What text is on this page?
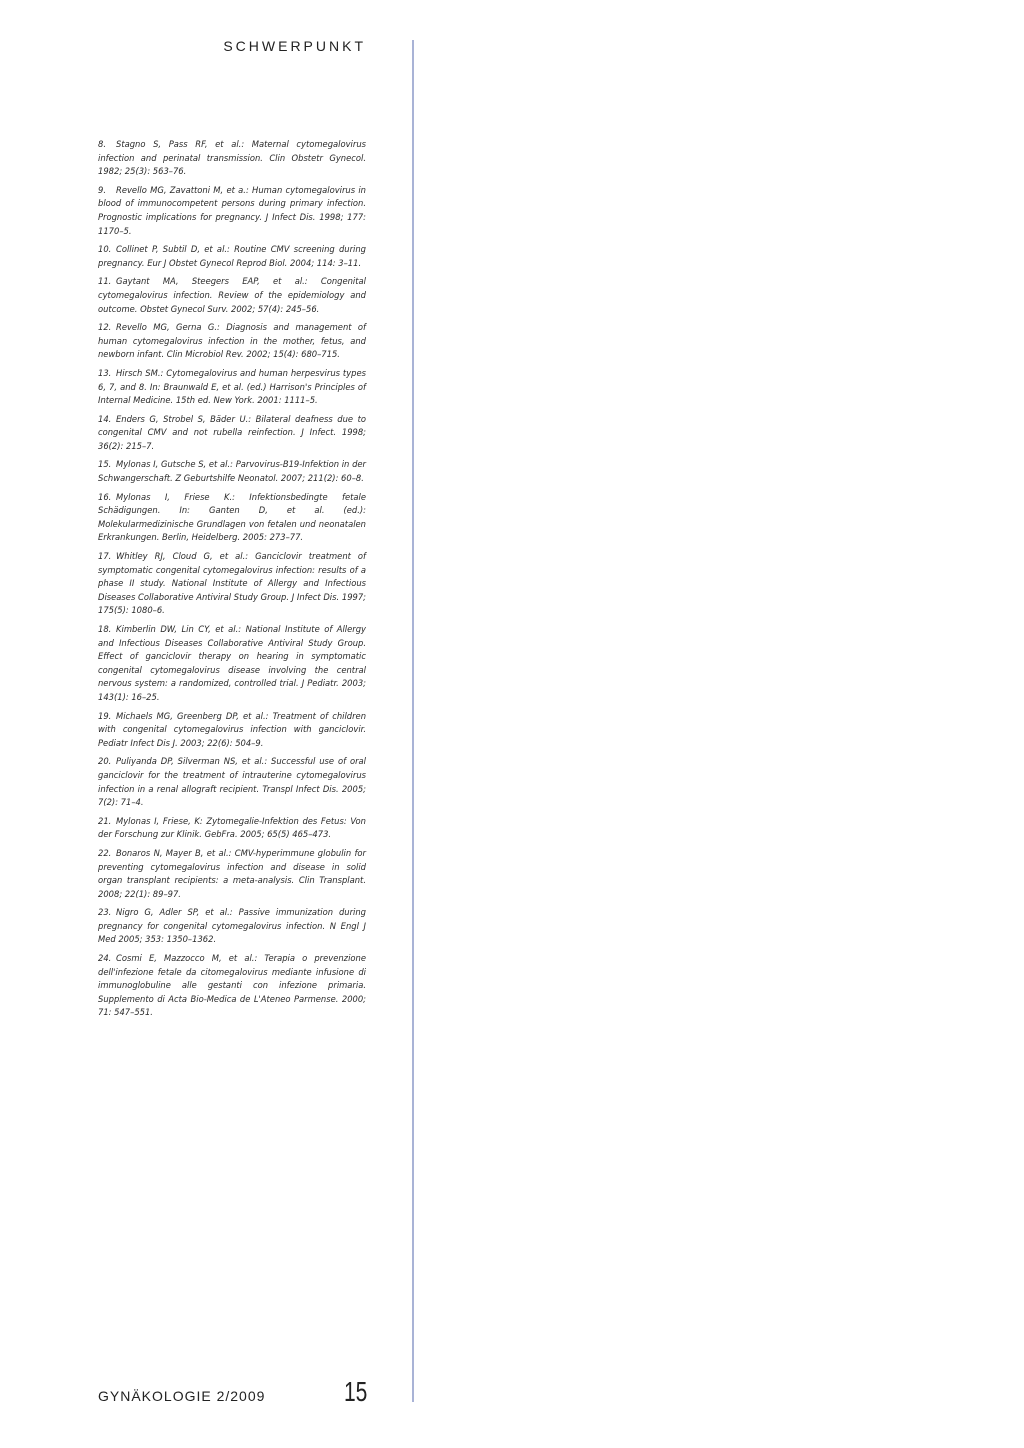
SCHWERPUNKT
8. Stagno S, Pass RF, et al.: Maternal cytomegalovirus infection and perinatal transmission. Clin Obstetr Gynecol. 1982; 25(3): 563–76.
9. Revello MG, Zavattoni M, et a.: Human cytomegalovirus in blood of immunocompetent persons during primary infection. Prognostic implications for pregnancy. J Infect Dis. 1998; 177: 1170–5.
10. Collinet P, Subtil D, et al.: Routine CMV screening during pregnancy. Eur J Obstet Gynecol Reprod Biol. 2004; 114: 3–11.
11. Gaytant MA, Steegers EAP, et al.: Congenital cytomegalovirus infection. Review of the epidemiology and outcome. Obstet Gynecol Surv. 2002; 57(4): 245–56.
12. Revello MG, Gerna G.: Diagnosis and management of human cytomegalovirus infection in the mother, fetus, and newborn infant. Clin Microbiol Rev. 2002; 15(4): 680–715.
13. Hirsch SM.: Cytomegalovirus and human herpesvirus types 6, 7, and 8. In: Braunwald E, et al. (ed.) Harrison's Principles of Internal Medicine. 15th ed. New York. 2001: 1111–5.
14. Enders G, Strobel S, Bäder U.: Bilateral deafness due to congenital CMV and not rubella reinfection. J Infect. 1998; 36(2): 215–7.
15. Mylonas I, Gutsche S, et al.: Parvovirus-B19-Infektion in der Schwangerschaft. Z Geburtshilfe Neonatol. 2007; 211(2): 60–8.
16. Mylonas I, Friese K.: Infektionsbedingte fetale Schädigungen. In: Ganten D, et al. (ed.): Molekularmedizinische Grundlagen von fetalen und neonatalen Erkrankungen. Berlin, Heidelberg. 2005: 273–77.
17. Whitley RJ, Cloud G, et al.: Ganciclovir treatment of symptomatic congenital cytomegalovirus infection: results of a phase II study. National Institute of Allergy and Infectious Diseases Collaborative Antiviral Study Group. J Infect Dis. 1997; 175(5): 1080–6.
18. Kimberlin DW, Lin CY, et al.: National Institute of Allergy and Infectious Diseases Collaborative Antiviral Study Group. Effect of ganciclovir therapy on hearing in symptomatic congenital cytomegalovirus disease involving the central nervous system: a randomized, controlled trial. J Pediatr. 2003; 143(1): 16–25.
19. Michaels MG, Greenberg DP, et al.: Treatment of children with congenital cytomegalovirus infection with ganciclovir. Pediatr Infect Dis J. 2003; 22(6): 504–9.
20. Puliyanda DP, Silverman NS, et al.: Successful use of oral ganciclovir for the treatment of intrauterine cytomegalovirus infection in a renal allograft recipient. Transpl Infect Dis. 2005; 7(2): 71–4.
21. Mylonas I, Friese, K: Zytomegalie-Infektion des Fetus: Von der Forschung zur Klinik. GebFra. 2005; 65(5) 465–473.
22. Bonaros N, Mayer B, et al.: CMV-hyperimmune globulin for preventing cytomegalovirus infection and disease in solid organ transplant recipients: a meta-analysis. Clin Transplant. 2008; 22(1): 89–97.
23. Nigro G, Adler SP, et al.: Passive immunization during pregnancy for congenital cytomegalovirus infection. N Engl J Med 2005; 353: 1350–1362.
24. Cosmi E, Mazzocco M, et al.: Terapia o prevenzione dell'infezione fetale da citomegalovirus mediante infusione di immunoglobuline alle gestanti con infezione primaria. Supplemento di Acta Bio-Medica de L'Ateneo Parmense. 2000; 71: 547–551.
GYNÄKOLOGIE 2/2009	15
